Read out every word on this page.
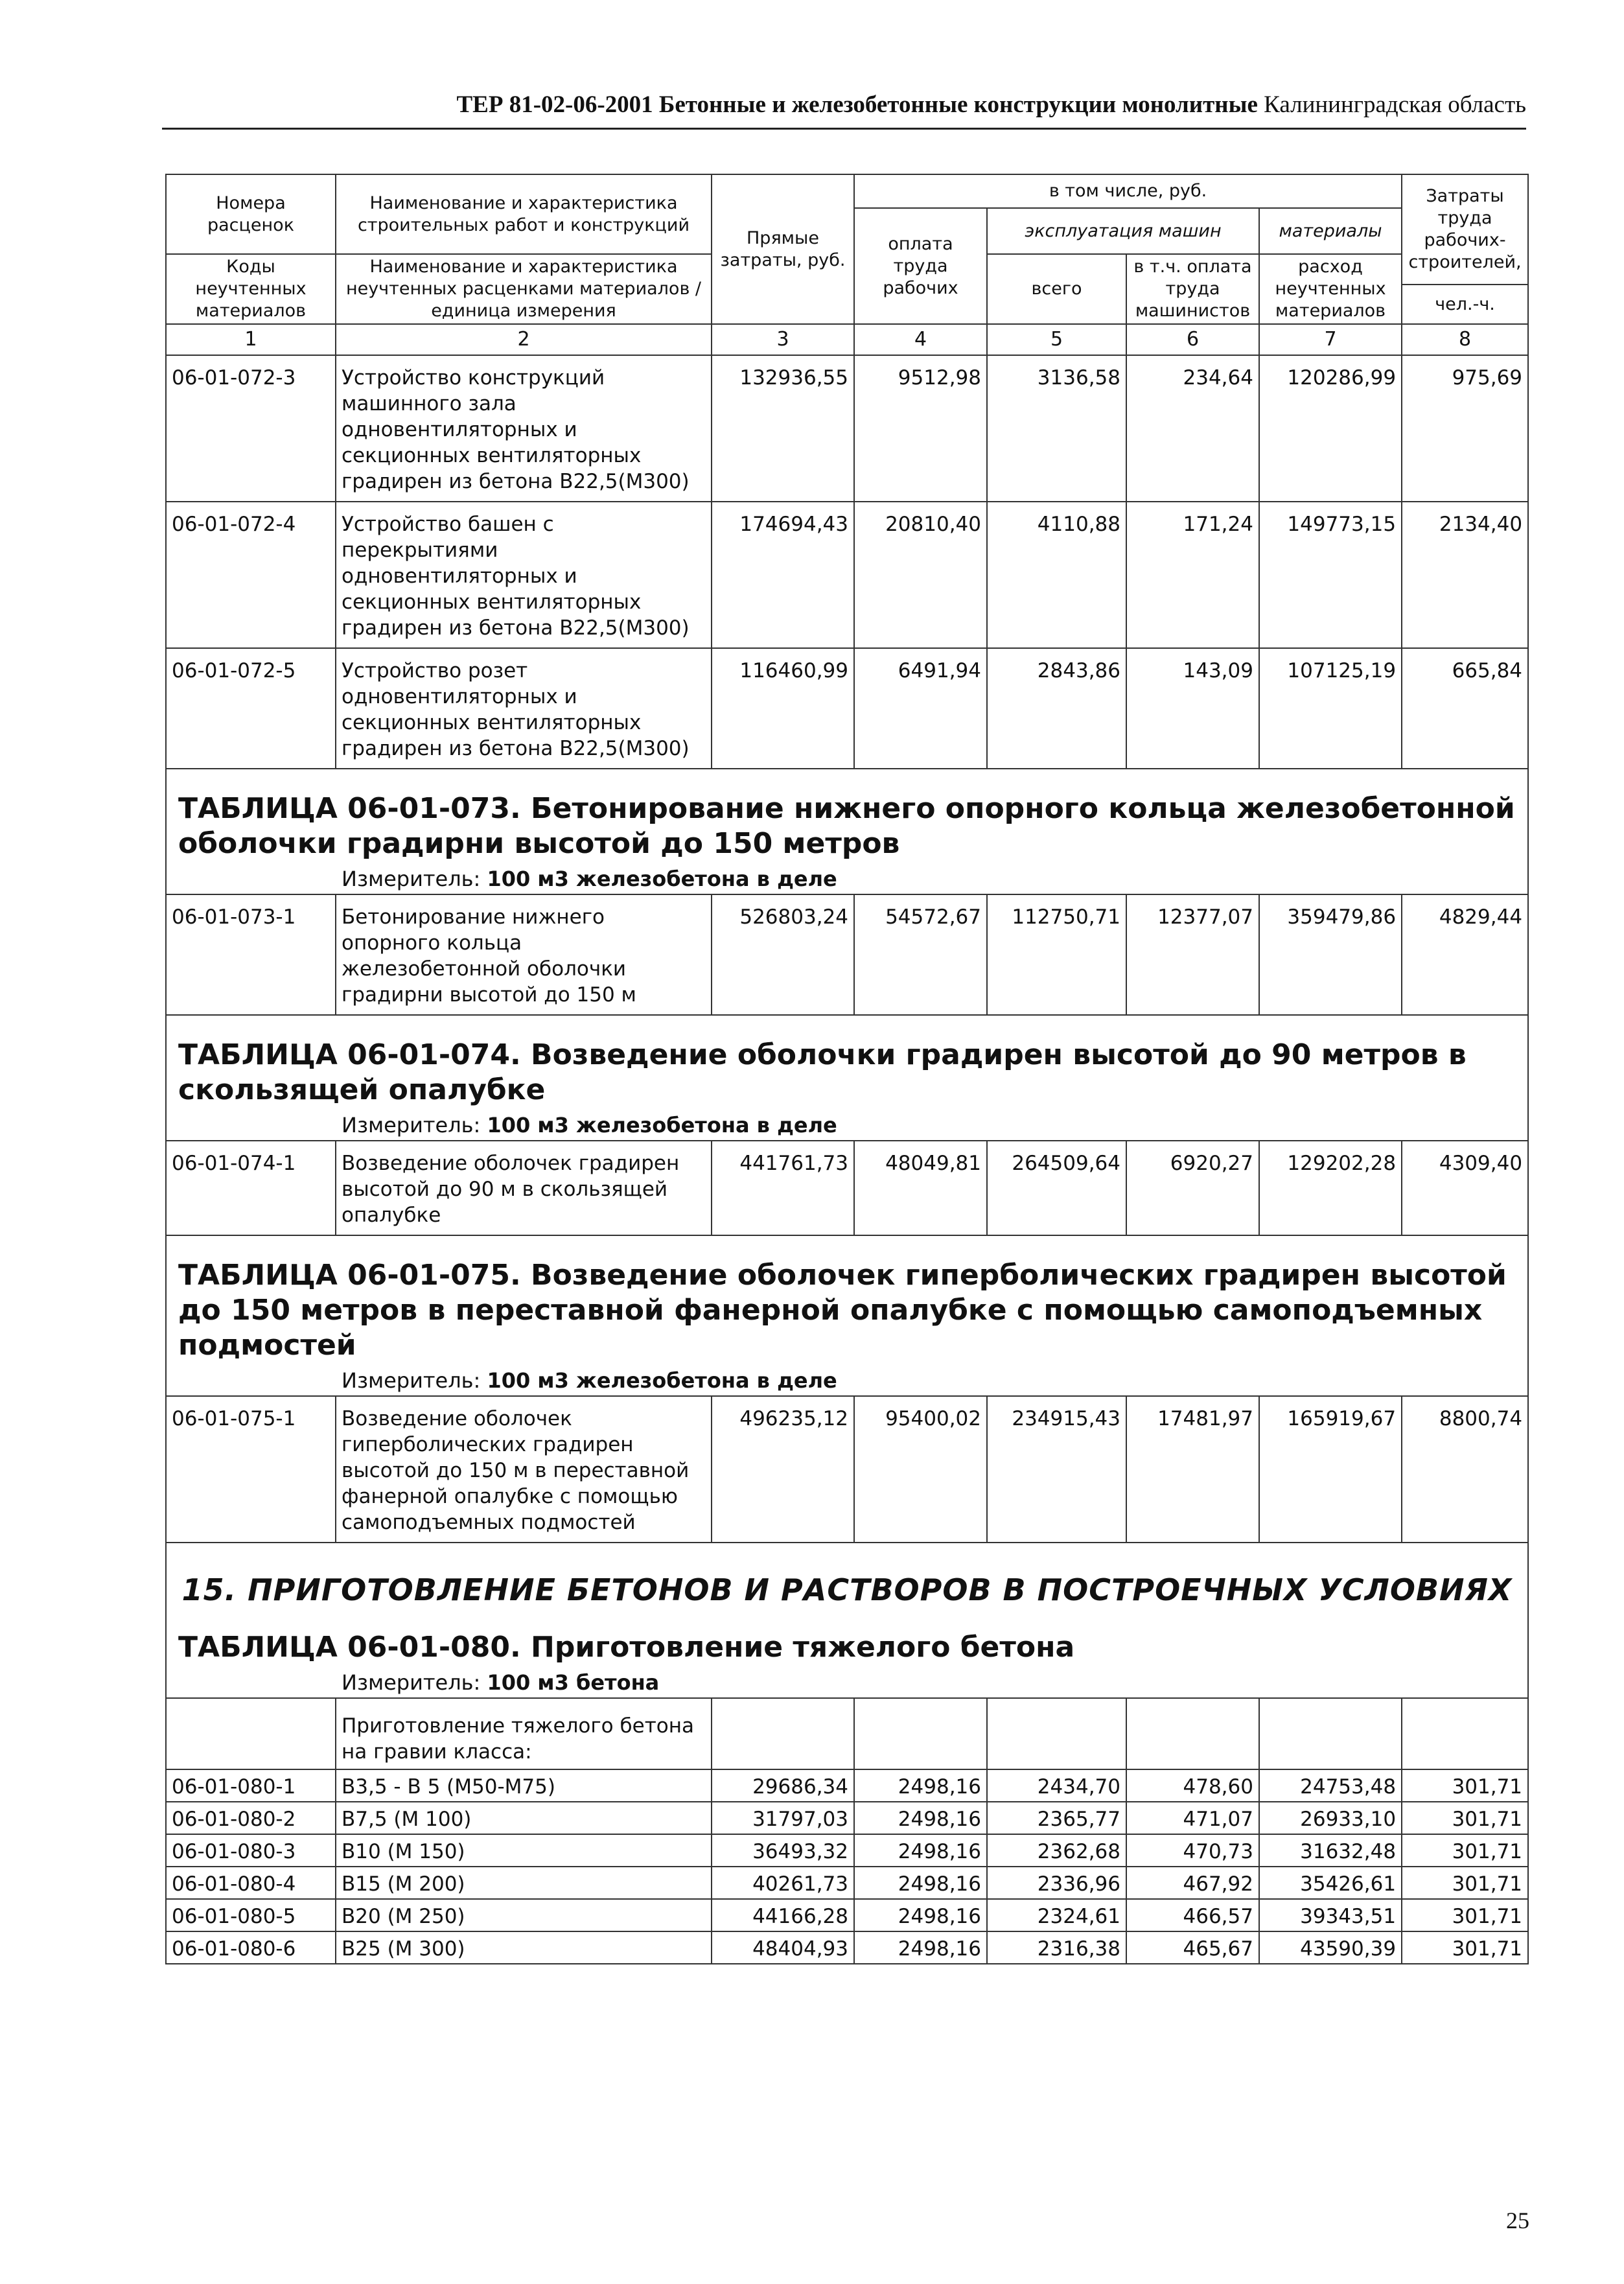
ТЕР 81-02-06-2001 Бетонные и железобетонные конструкции монолитные Калининградская область
Номера расценок	Наименование и характеристика строительных работ и конструкций	Прямые затраты, руб.	в том числе, руб.				Затраты труда рабочих-строителей,
			оплата труда рабочих	эксплуатация машин		материалы	
Коды неучтенных материалов	Наименование и характеристика неучтенных расценками материалов / единица измерения			всего	в т.ч. оплата труда машинистов	расход неучтенных материалов	
							чел.-ч.
1	2	3	4	5	6	7	8
06-01-072-3	Устройство конструкций машинного зала одновентиляторных и секционных вентиляторных градирен из бетона В22,5(М300)	132936,55	9512,98	3136,58	234,64	120286,99	975,69
06-01-072-4	Устройство башен с перекрытиями одновентиляторных и секционных вентиляторных градирен из бетона В22,5(М300)	174694,43	20810,40	4110,88	171,24	149773,15	2134,40
06-01-072-5	Устройство розет одновентиляторных и секционных вентиляторных градирен из бетона В22,5(М300)	116460,99	6491,94	2843,86	143,09	107125,19	665,84
ТАБЛИЦА 06-01-073. Бетонирование нижнего опорного кольца железобетонной оболочки градирни высотой до 150 метров							
Измеритель: 100 м3 железобетона в деле							
06-01-073-1	Бетонирование нижнего опорного кольца железобетонной оболочки градирни высотой до 150 м	526803,24	54572,67	112750,71	12377,07	359479,86	4829,44
ТАБЛИЦА 06-01-074. Возведение оболочки градирен высотой до 90 метров в скользящей опалубке							
Измеритель: 100 м3 железобетона в деле							
06-01-074-1	Возведение оболочек градирен высотой до 90 м в скользящей опалубке	441761,73	48049,81	264509,64	6920,27	129202,28	4309,40
ТАБЛИЦА 06-01-075. Возведение оболочек гиперболических градирен высотой до 150 метров в переставной фанерной опалубке с помощью самоподъемных подмостей							
Измеритель: 100 м3 железобетона в деле							
06-01-075-1	Возведение оболочек гиперболических градирен высотой до 150 м в переставной фанерной опалубке с помощью самоподъемных подмостей	496235,12	95400,02	234915,43	17481,97	165919,67	8800,74
15. ПРИГОТОВЛЕНИЕ БЕТОНОВ И РАСТВОРОВ В ПОСТРОЕЧНЫХ УСЛОВИЯХ							
ТАБЛИЦА 06-01-080. Приготовление тяжелого бетона							
Измеритель: 100 м3 бетона							
	Приготовление тяжелого бетона на гравии класса:						
06-01-080-1	В3,5 - В 5 (М50-М75)	29686,34	2498,16	2434,70	478,60	24753,48	301,71
06-01-080-2	В7,5 (М 100)	31797,03	2498,16	2365,77	471,07	26933,10	301,71
06-01-080-3	В10 (М 150)	36493,32	2498,16	2362,68	470,73	31632,48	301,71
06-01-080-4	В15 (М 200)	40261,73	2498,16	2336,96	467,92	35426,61	301,71
06-01-080-5	В20 (М 250)	44166,28	2498,16	2324,61	466,57	39343,51	301,71
06-01-080-6	В25 (М 300)	48404,93	2498,16	2316,38	465,67	43590,39	301,71
25
